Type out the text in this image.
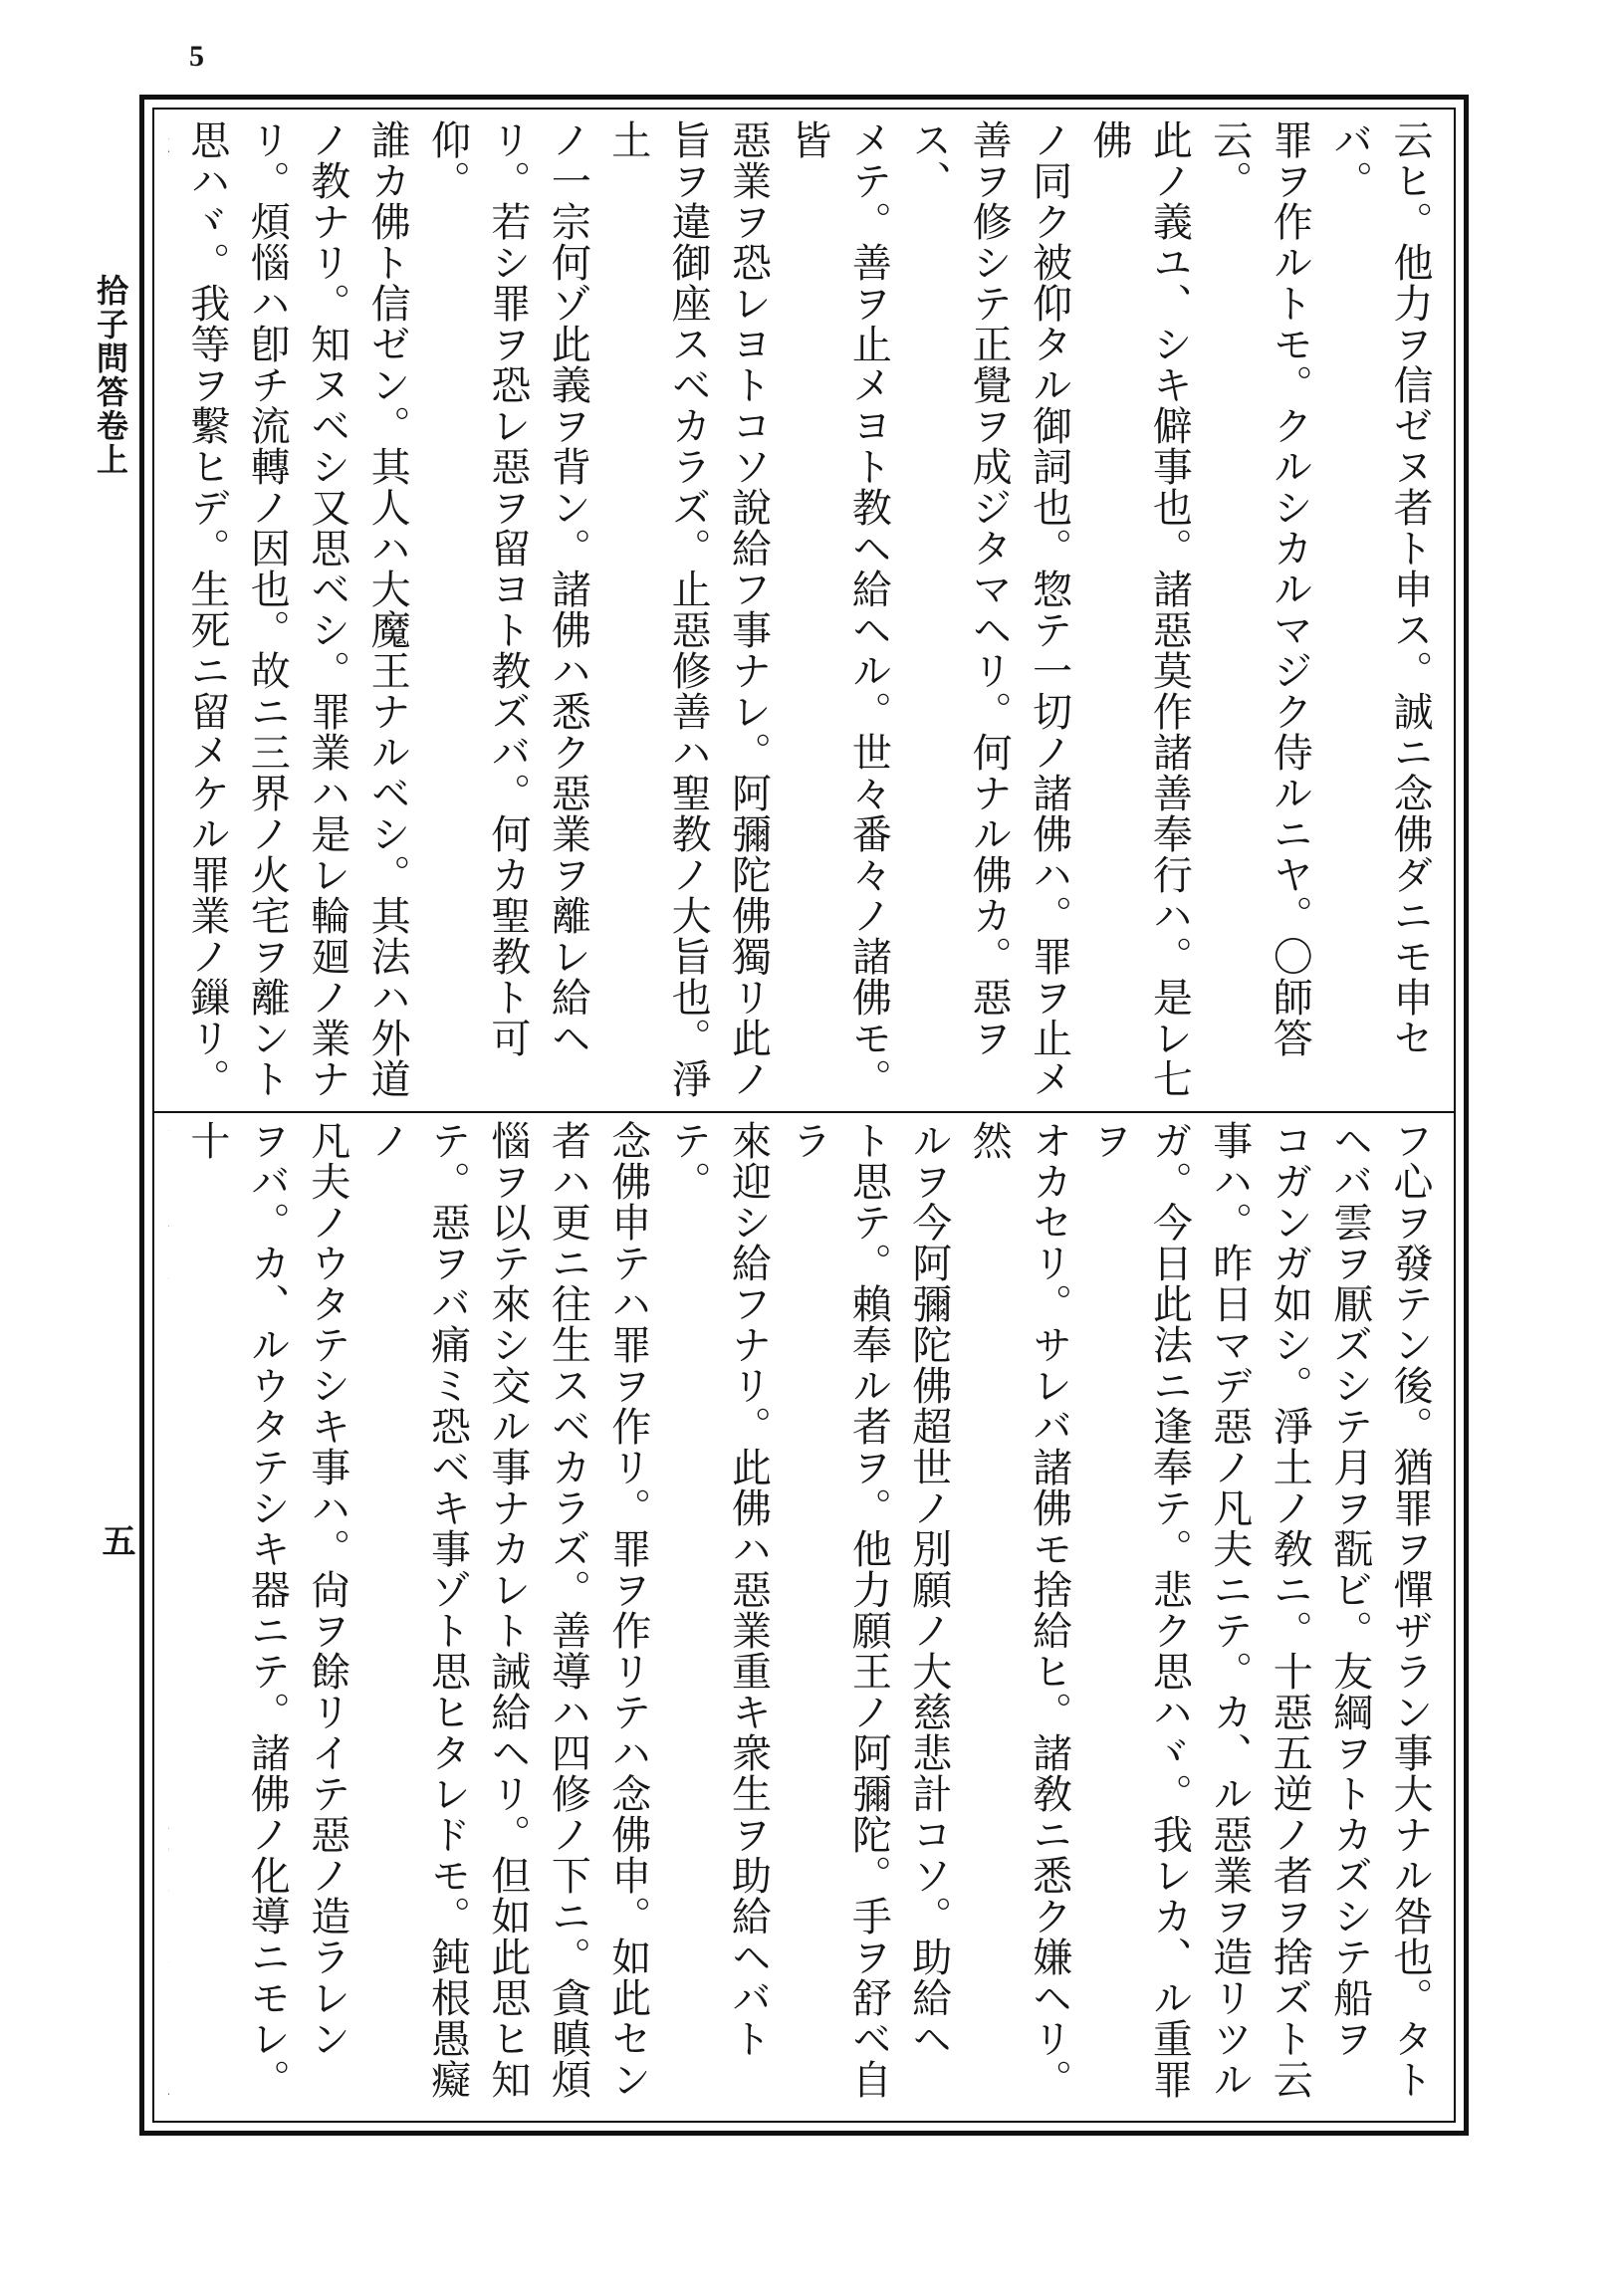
5
拾子問答卷上
五
云ヒ。他力ヲ信ゼヌ者ト申ス。誠ニ念佛ダニモ申セバ。
罪ヲ作ルトモ。クルシカルマジク侍ルニヤ。〇師答云。
此ノ義ユ、シキ僻事也。諸惡莫作諸善奉行ハ。是レ七佛
ノ同ク被仰タル御詞也。惣テ一切ノ諸佛ハ。罪ヲ止メ
善ヲ修シテ正覺ヲ成ジタマヘリ。何ナル佛カ。惡ヲス、
メテ。善ヲ止メヨト教ヘ給ヘル。世々番々ノ諸佛モ。皆
惡業ヲ恐レヨトコソ說給フ事ナレ。阿彌陀佛獨リ此ノ
旨ヲ違御座スベカラズ。止惡修善ハ聖教ノ大旨也。淨土
ノ一宗何ゾ此義ヲ背ン。諸佛ハ悉ク惡業ヲ離レ給ヘ
リ。若シ罪ヲ恐レ惡ヲ留ヨト教ズバ。何カ聖教ト可仰。
誰カ佛ト信ゼン。其人ハ大魔王ナルベシ。其法ハ外道
ノ教ナリ。知ヌベシ又思ベシ。罪業ハ是レ輪廻ノ業ナ
リ。煩惱ハ卽チ流轉ノ因也。故ニ三界ノ火宅ヲ離ント
思ハヾ。我等ヲ繫ヒデ。生死ニ留メケル罪業ノ鏁リ。
フ心ヲ發テン後。猶罪ヲ憚ザラン事大ナル咎也。タト
ヘバ雲ヲ厭ズシテ月ヲ翫ビ。友綱ヲトカズシテ船ヲ
コガンガ如シ。淨土ノ敎ニ。十惡五逆ノ者ヲ捨ズト云
事ハ。昨日マデ惡ノ凡夫ニテ。カ、ル惡業ヲ造リツル
ガ。今日此法ニ逢奉テ。悲ク思ハヾ。我レカ、ル重罪ヲ
オカセリ。サレバ諸佛モ捨給ヒ。諸敎ニ悉ク嫌ヘリ。然
ルヲ今阿彌陀佛超世ノ別願ノ大慈悲計コソ。助給ヘ
ト思テ。賴奉ル者ヲ。他力願王ノ阿彌陀。手ヲ舒ベ自ラ
來迎シ給フナリ。此佛ハ惡業重キ衆生ヲ助給ヘバトテ。
念佛申テハ罪ヲ作リ。罪ヲ作リテハ念佛申。如此セン
者ハ更ニ往生スベカラズ。善導ハ四修ノ下ニ。貪瞋煩
惱ヲ以テ來シ交ル事ナカレト誡給ヘリ。但如此思ヒ知
テ。惡ヲバ痛ミ恐ベキ事ゾト思ヒタレドモ。鈍根愚癡ノ
凡夫ノウタテシキ事ハ。尙ヲ餘リイテ惡ノ造ラレン
ヲバ。カ、ルウタテシキ器ニテ。諸佛ノ化導ニモレ。十
